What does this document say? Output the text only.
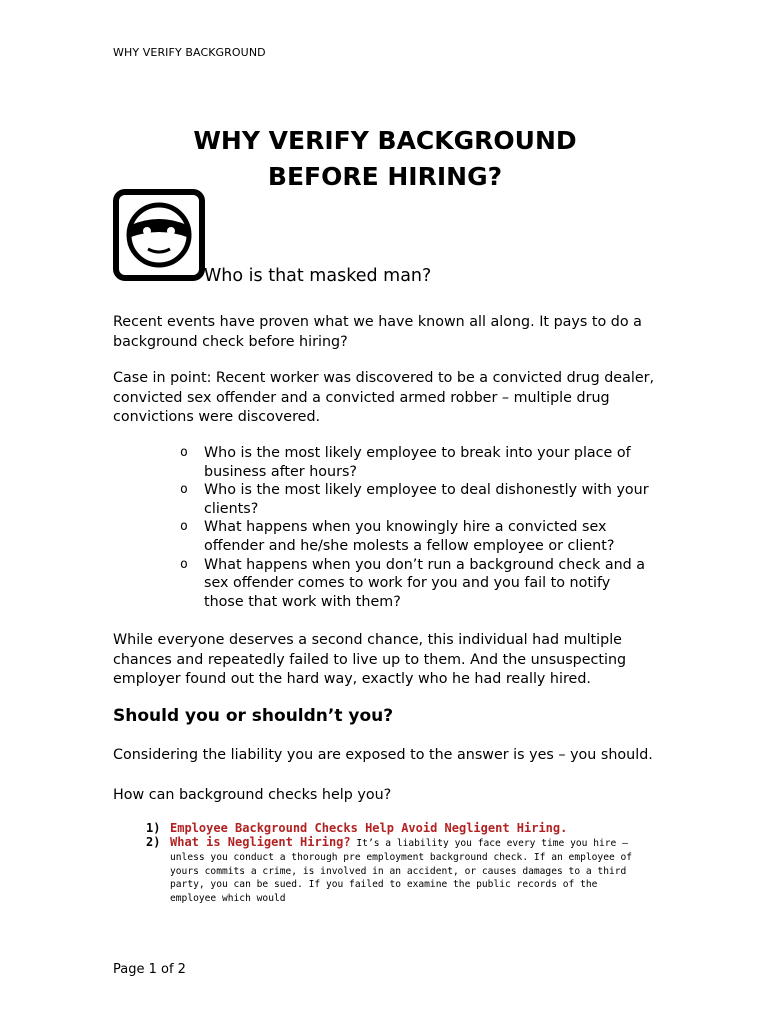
WHY VERIFY BACKGROUND
WHY VERIFY BACKGROUND
BEFORE HIRING?
Who is that masked man?

Recent events have proven what we have known all along. It pays to do a background check before hiring?

Case in point: Recent worker was discovered to be a convicted drug dealer, convicted sex offender and a convicted armed robber – multiple drug convictions were discovered.

o Who is the most likely employee to break into your place of business after hours?
o Who is the most likely employee to deal dishonestly with your clients?
o What happens when you knowingly hire a convicted sex offender and he/she molests a fellow employee or client?
o What happens when you don’t run a background check and a sex offender comes to work for you and you fail to notify those that work with them?

While everyone deserves a second chance, this individual had multiple chances and repeatedly failed to live up to them. And the unsuspecting employer found out the hard way, exactly who he had really hired.

Should you or shouldn’t you?

Considering the liability you are exposed to the answer is yes – you should.

How can background checks help you?

1) Employee Background Checks Help Avoid Negligent Hiring.
2) What is Negligent Hiring? It’s a liability you face every time you hire – unless you conduct a thorough pre employment background check. If an employee of yours commits a crime, is involved in an accident, or causes damages to a third party, you can be sued. If you failed to examine the public records of the employee which would
Page 1 of 2
